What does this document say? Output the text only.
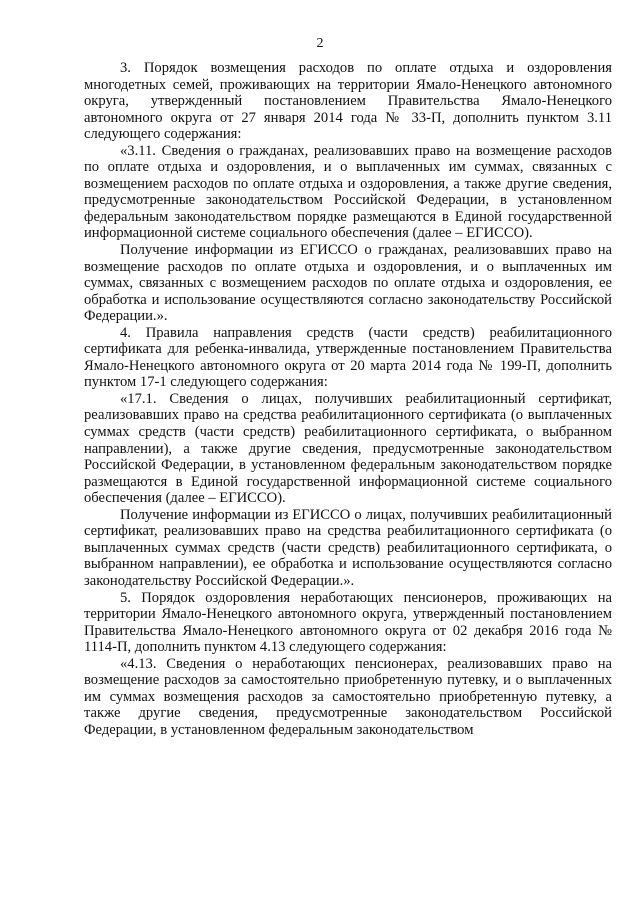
2

3. Порядок возмещения расходов по оплате отдыха и оздоровления многодетных семей, проживающих на территории Ямало-Ненецкого автономного округа, утвержденный постановлением Правительства Ямало-Ненецкого автономного округа от 27 января 2014 года № 33-П, дополнить пунктом 3.11 следующего содержания:

«3.11. Сведения о гражданах, реализовавших право на возмещение расходов по оплате отдыха и оздоровления, и о выплаченных им суммах, связанных с возмещением расходов по оплате отдыха и оздоровления, а также другие сведения, предусмотренные законодательством Российской Федерации, в установленном федеральным законодательством порядке размещаются в Единой государственной информационной системе социального обеспечения (далее – ЕГИССО).

Получение информации из ЕГИССО о гражданах, реализовавших право на возмещение расходов по оплате отдыха и оздоровления, и о выплаченных им суммах, связанных с возмещением расходов по оплате отдыха и оздоровления, ее обработка и использование осуществляются согласно законодательству Российской Федерации.».

4. Правила направления средств (части средств) реабилитационного сертификата для ребенка-инвалида, утвержденные постановлением Правительства Ямало-Ненецкого автономного округа от 20 марта 2014 года № 199-П, дополнить пунктом 17-1 следующего содержания:

«17.1. Сведения о лицах, получивших реабилитационный сертификат, реализовавших право на средства реабилитационного сертификата (о выплаченных суммах средств (части средств) реабилитационного сертификата, о выбранном направлении), а также другие сведения, предусмотренные законодательством Российской Федерации, в установленном федеральным законодательством порядке размещаются в Единой государственной информационной системе социального обеспечения (далее – ЕГИССО).

Получение информации из ЕГИССО о лицах, получивших реабилитационный сертификат, реализовавших право на средства реабилитационного сертификата (о выплаченных суммах средств (части средств) реабилитационного сертификата, о выбранном направлении), ее обработка и использование осуществляются согласно законодательству Российской Федерации.».

5. Порядок оздоровления неработающих пенсионеров, проживающих на территории Ямало-Ненецкого автономного округа, утвержденный постановлением Правительства Ямало-Ненецкого автономного округа от 02 декабря 2016 года № 1114-П, дополнить пунктом 4.13 следующего содержания:

«4.13. Сведения о неработающих пенсионерах, реализовавших право на возмещение расходов за самостоятельно приобретенную путевку, и о выплаченных им суммах возмещения расходов за самостоятельно приобретенную путевку, а также другие сведения, предусмотренные законодательством Российской Федерации, в установленном федеральным законодательством
